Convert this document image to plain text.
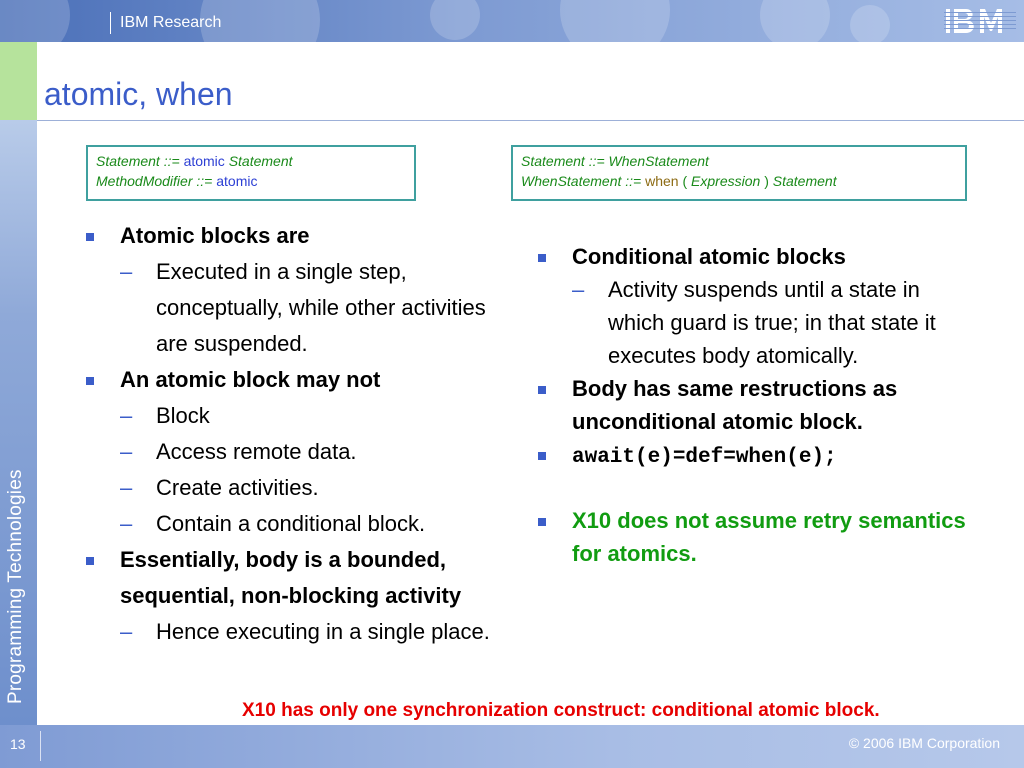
IBM Research
Programming Technologies
atomic, when
Statement ::= atomic Statement
MethodModifier ::= atomic
Statement ::= WhenStatement
WhenStatement ::= when ( Expression ) Statement

Atomic blocks are

– Executed in a single step, conceptually, while other activities are suspended.

An atomic block may not

– Block

– Access remote data.

– Create activities.

– Contain a conditional block.

Essentially, body is a bounded, sequential, non-blocking activity

– Hence executing in a single place.

Conditional atomic blocks

– Activity suspends until a state in which guard is true; in that state it executes body atomically.

Body has same restructions as unconditional atomic block.

await(e)=def=when(e);

X10 does not assume retry semantics for atomics.

X10 has only one synchronization construct: conditional atomic block.
13	© 2006 IBM Corporation
